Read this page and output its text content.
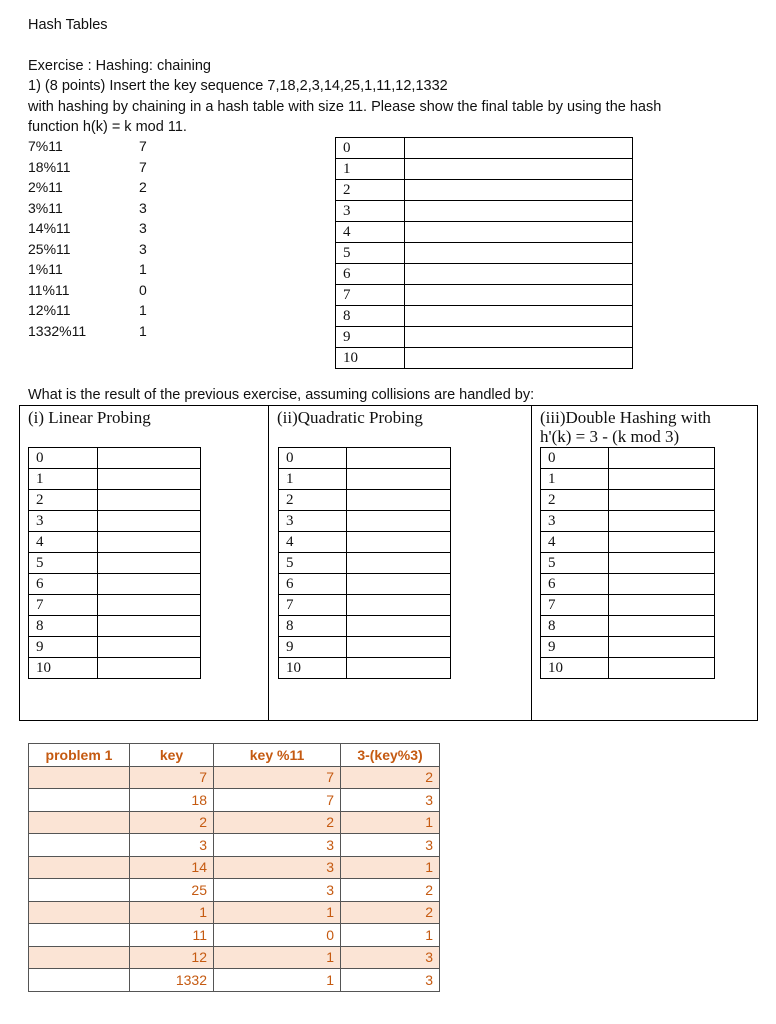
Hash Tables
Exercise : Hashing: chaining
1) (8 points) Insert the key sequence 7,18,2,3,14,25,1,11,12,1332
with hashing by chaining in a hash table with size 11. Please show the final table by using the hash
function h(k) = k mod 11.
7%11	7
18%11	7
2%11	2
3%11	3
14%11	3
25%11	3
1%11	1
11%11	0
12%11	1
1332%11	1
0	
1	
2	
3	
4	
5	
6	
7	
8	
9	
10	
What is the result of the previous exercise, assuming collisions are handled by:
(i) Linear Probing	(ii)Quadratic Probing	(iii)Double Hashing with
h'(k) = 3 - (k mod 3)
0	
1	
2	
3	
4	
5	
6	
7	
8	
9	
10	
0	
1	
2	
3	
4	
5	
6	
7	
8	
9	
10	
0	
1	
2	
3	
4	
5	
6	
7	
8	
9	
10	
problem 1	key	key %11	3-(key%3)
	7	7	2
	18	7	3
	2	2	1
	3	3	3
	14	3	1
	25	3	2
	1	1	2
	11	0	1
	12	1	3
	1332	1	3
